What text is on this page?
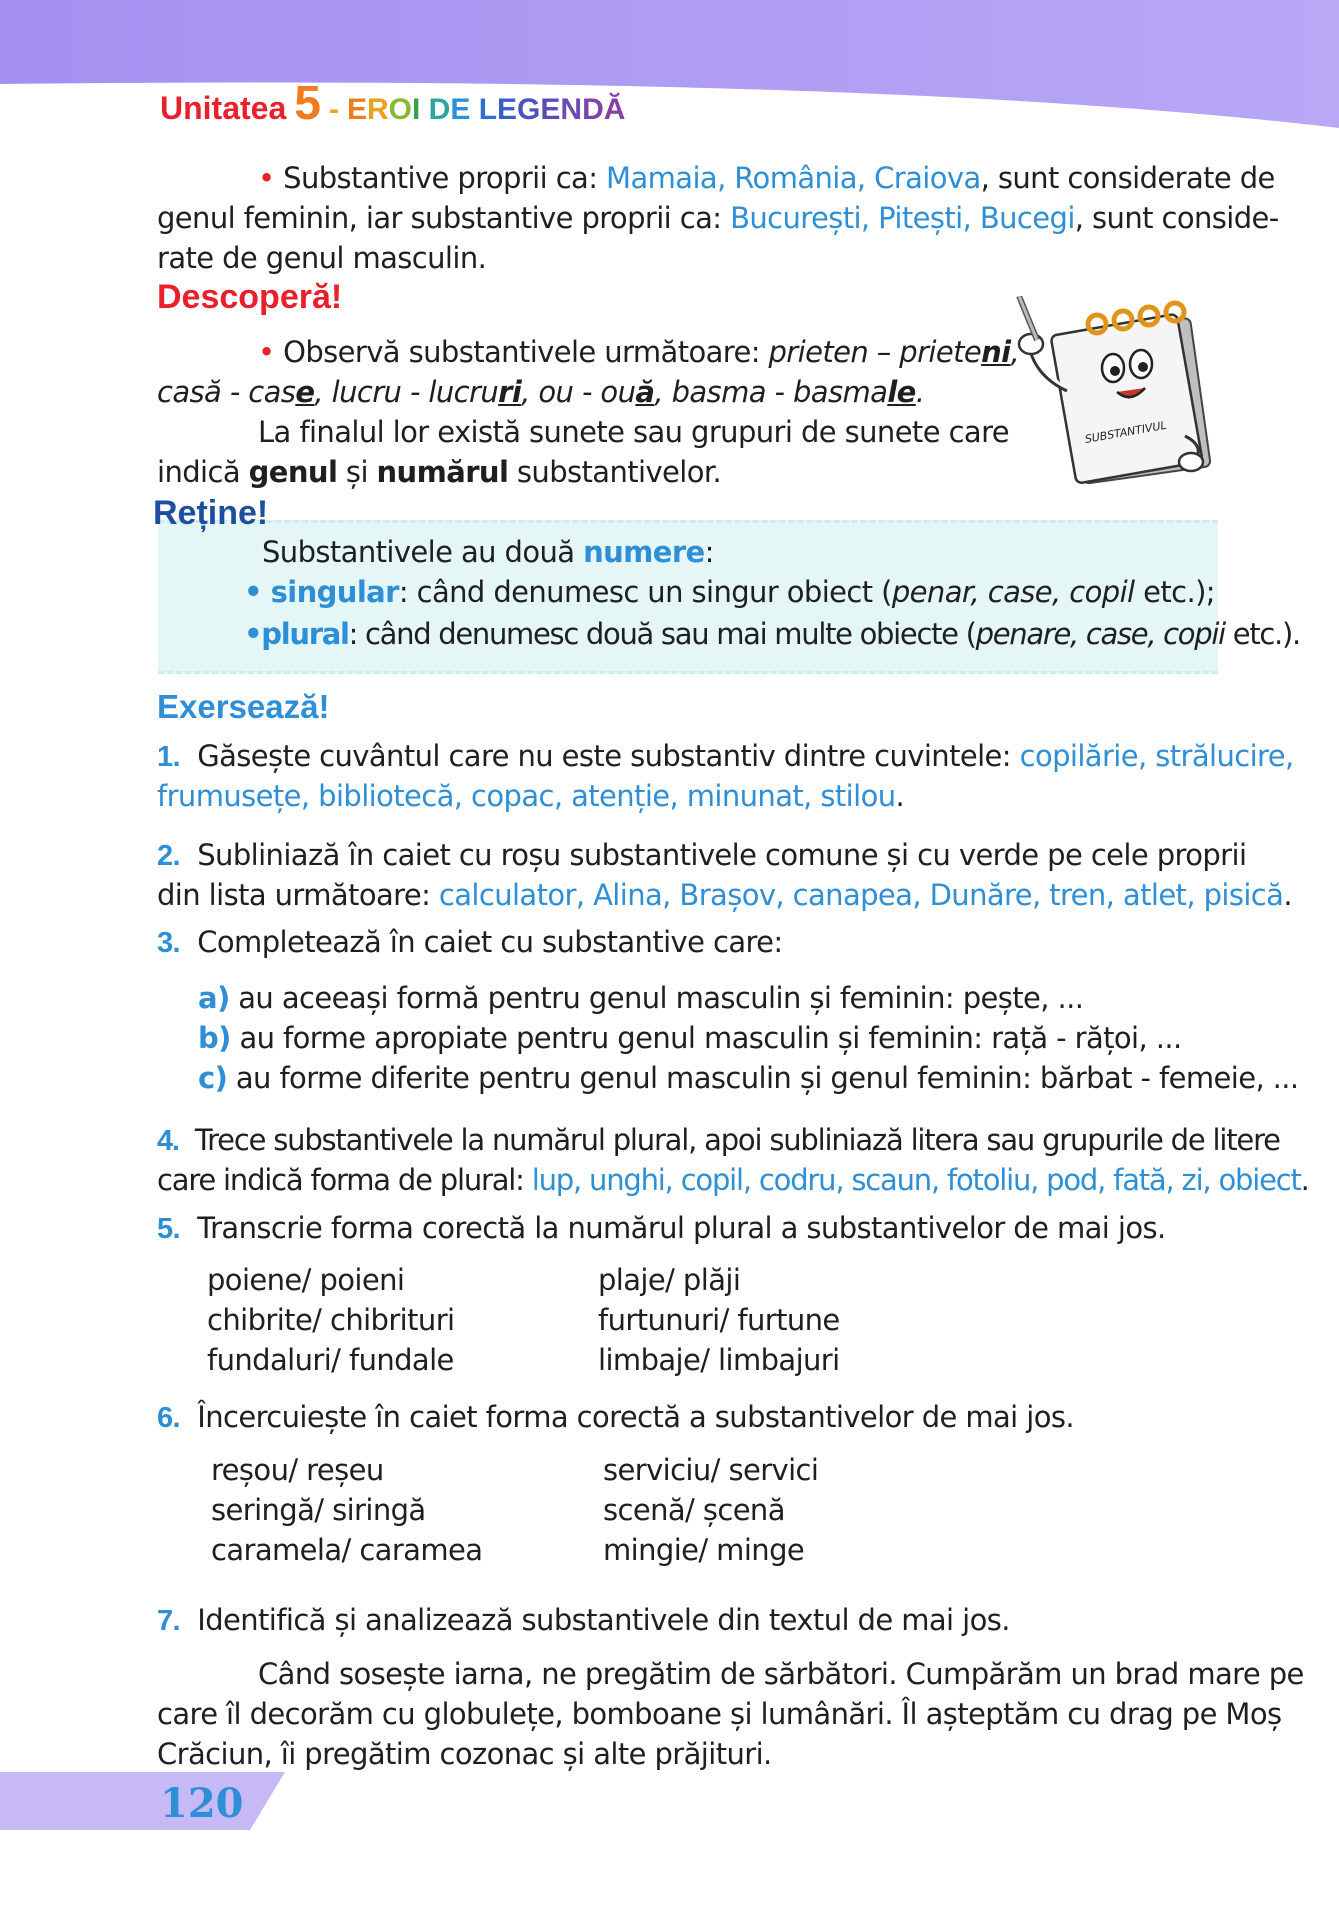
Unitatea 5 - EROI DE LEGENDĂ
• Substantive proprii ca: Mamaia, România, Craiova, sunt considerate de
genul feminin, iar substantive proprii ca: București, Pitești, Bucegi, sunt conside-
rate de genul masculin.
Descoperă!
• Observă substantivele următoare: prieten – prieteni,
casă - case, lucru - lucruri, ou - ouă, basma - basmale.
La finalul lor există sunete sau grupuri de sunete care
indică genul și numărul substantivelor.
SUBSTANTIVUL
Reține!
Substantivele au două numere:
• singular: când denumesc un singur obiect (penar, case, copil etc.);
•plural: când denumesc două sau mai multe obiecte (penare, case, copii etc.).
Exersează!
1. Găsește cuvântul care nu este substantiv dintre cuvintele: copilărie, strălucire,
frumusețe, bibliotecă, copac, atenție, minunat, stilou.
2. Subliniază în caiet cu roșu substantivele comune și cu verde pe cele proprii
din lista următoare: calculator, Alina, Brașov, canapea, Dunăre, tren, atlet, pisică.
3. Completează în caiet cu substantive care:
a) au aceeași formă pentru genul masculin și feminin: pește, ...
b) au forme apropiate pentru genul masculin și feminin: rață - rățoi, ...
c) au forme diferite pentru genul masculin și genul feminin: bărbat - femeie, ...
4. Trece substantivele la numărul plural, apoi subliniază litera sau grupurile de litere
care indică forma de plural: lup, unghi, copil, codru, scaun, fotoliu, pod, fată, zi, obiect.
5. Transcrie forma corectă la numărul plural a substantivelor de mai jos.
poiene/ poieni
chibrite/ chibrituri
fundaluri/ fundale
plaje/ plăji
furtunuri/ furtune
limbaje/ limbajuri
6. Încercuiește în caiet forma corectă a substantivelor de mai jos.
reșou/ reșeu
seringă/ siringă
caramela/ caramea
serviciu/ servici
scenă/ șcenă
mingie/ minge
7. Identifică și analizează substantivele din textul de mai jos.
Când sosește iarna, ne pregătim de sărbători. Cumpărăm un brad mare pe
care îl decorăm cu globulețe, bomboane și lumânări. Îl așteptăm cu drag pe Moș
Crăciun, îi pregătim cozonac și alte prăjituri.
120
